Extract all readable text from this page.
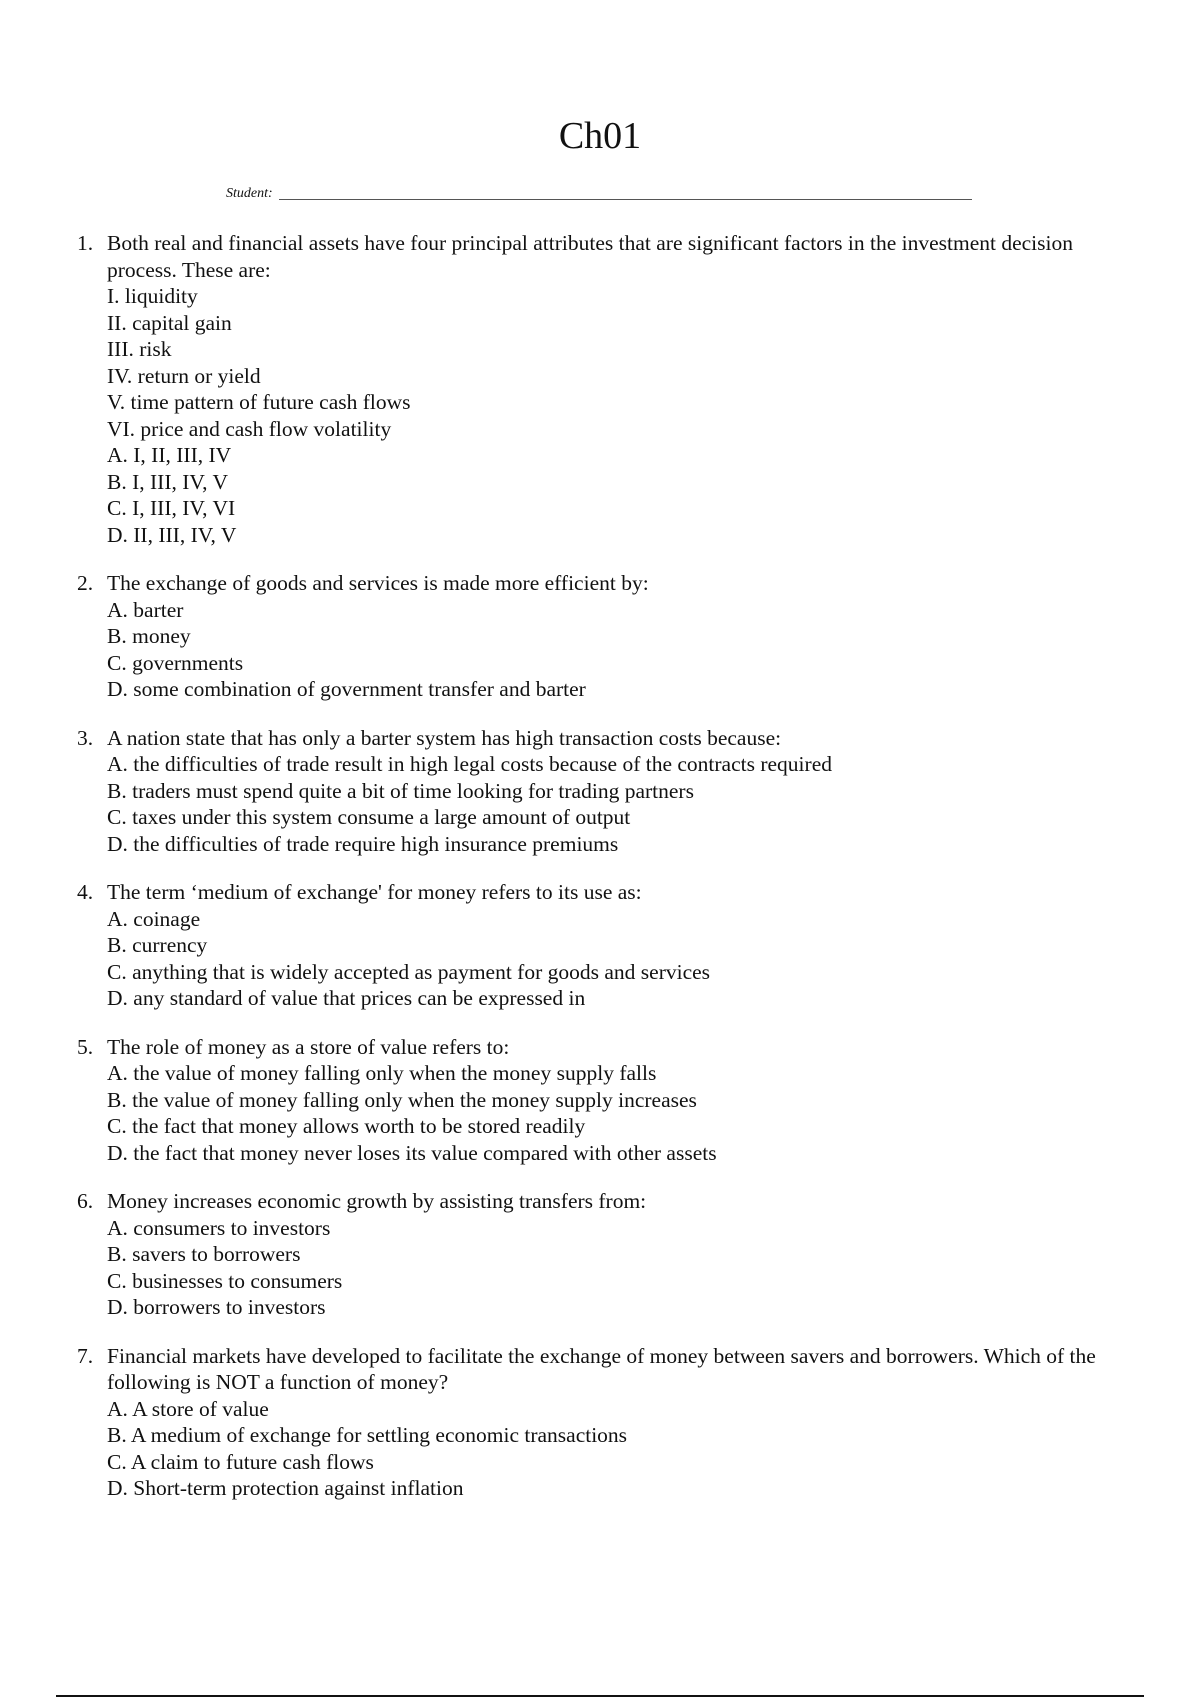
Ch01
Student:
1. Both real and financial assets have four principal attributes that are significant factors in the investment decision process. These are:
I. liquidity
II. capital gain
III. risk
IV. return or yield
V. time pattern of future cash flows
VI. price and cash flow volatility
A. I, II, III, IV
B. I, III, IV, V
C. I, III, IV, VI
D. II, III, IV, V
2. The exchange of goods and services is made more efficient by:
A. barter
B. money
C. governments
D. some combination of government transfer and barter
3. A nation state that has only a barter system has high transaction costs because:
A. the difficulties of trade result in high legal costs because of the contracts required
B. traders must spend quite a bit of time looking for trading partners
C. taxes under this system consume a large amount of output
D. the difficulties of trade require high insurance premiums
4. The term ‘medium of exchange' for money refers to its use as:
A. coinage
B. currency
C. anything that is widely accepted as payment for goods and services
D. any standard of value that prices can be expressed in
5. The role of money as a store of value refers to:
A. the value of money falling only when the money supply falls
B. the value of money falling only when the money supply increases
C. the fact that money allows worth to be stored readily
D. the fact that money never loses its value compared with other assets
6. Money increases economic growth by assisting transfers from:
A. consumers to investors
B. savers to borrowers
C. businesses to consumers
D. borrowers to investors
7. Financial markets have developed to facilitate the exchange of money between savers and borrowers. Which of the following is NOT a function of money?
A. A store of value
B. A medium of exchange for settling economic transactions
C. A claim to future cash flows
D. Short-term protection against inflation
